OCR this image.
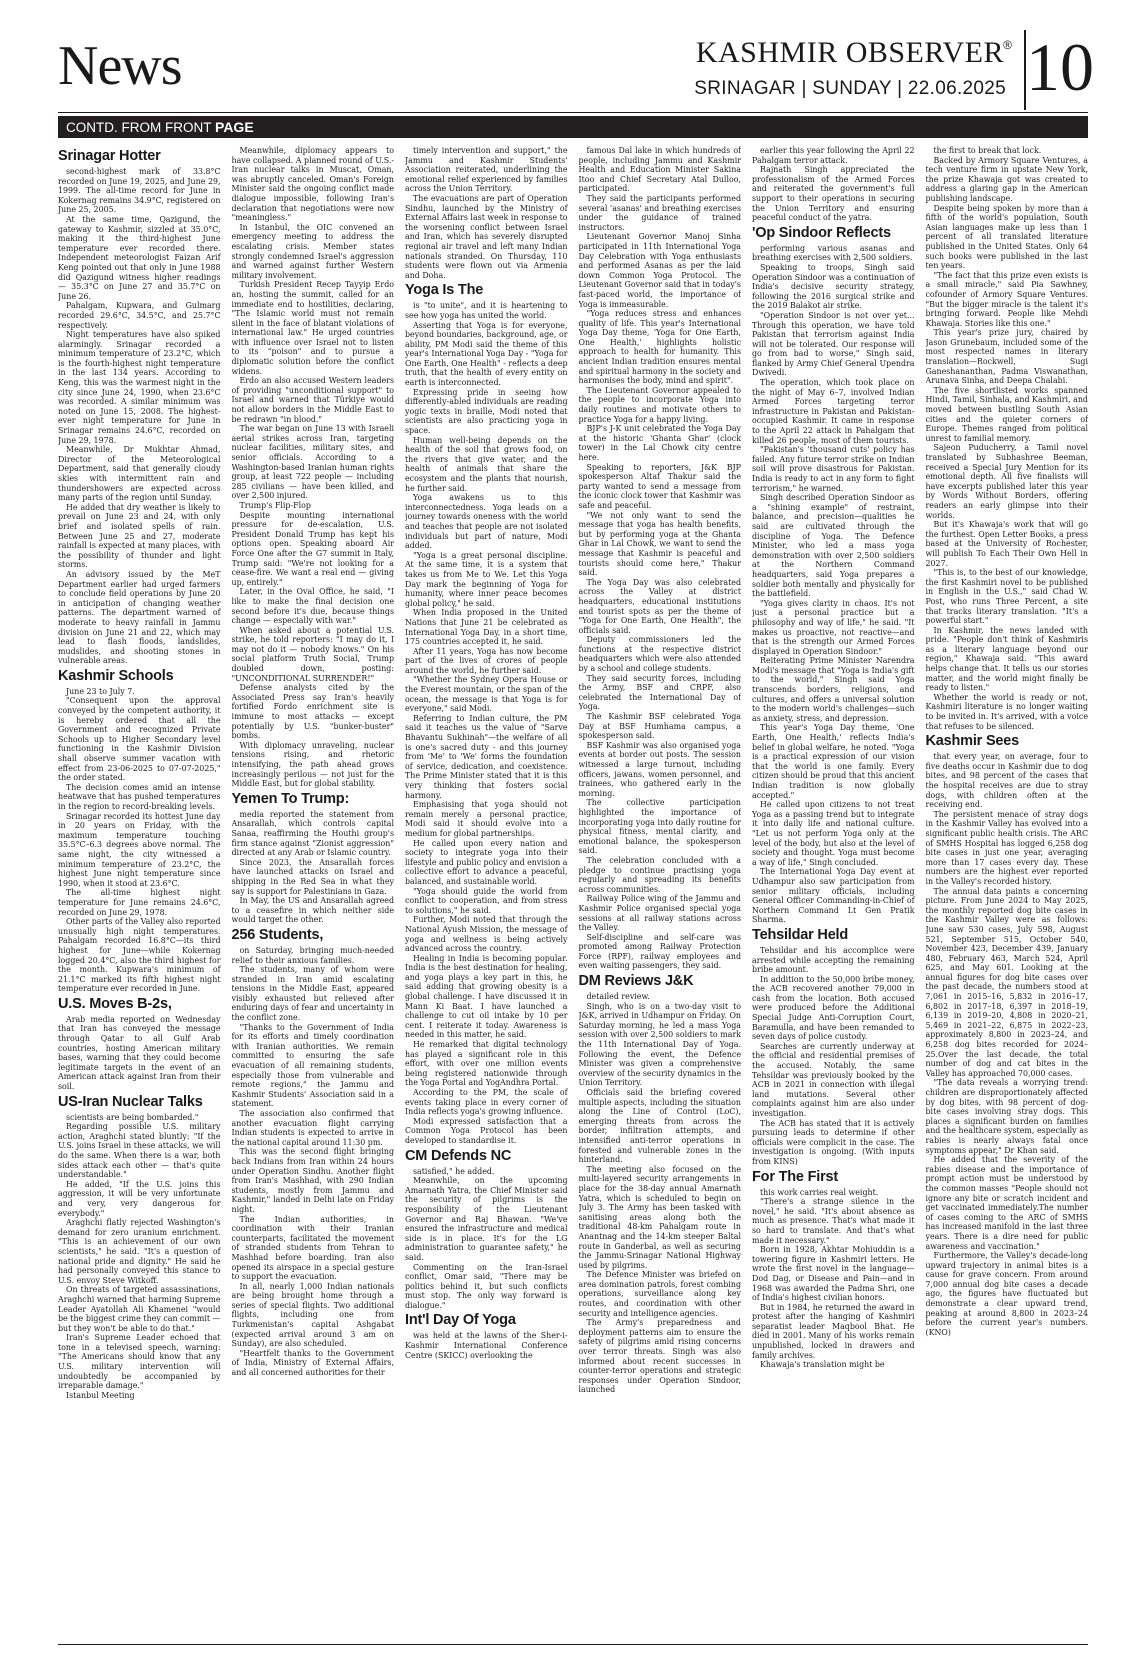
News	KASHMIR OBSERVER ®
SRINAGAR | SUNDAY | 22.06.2025 10
CONTD. FROM FRONT PAGE
Srinagar Hotter

second-highest mark of 33.8°C recorded on June 19, 2025, and June 29, 1999. The all-time record for June in Kokernag remains 34.9°C, registered on June 25, 2005.

At the same time, Qazigund, the gateway to Kashmir, sizzled at 35.0°C, making it the third-highest June temperature ever recorded there. Independent meteorologist Faizan Arif Keng pointed out that only in June 1988 did Qazigund witness higher readings — 35.3°C on June 27 and 35.7°C on June 26.

Pahalgam, Kupwara, and Gulmarg recorded 29.6°C, 34.5°C, and 25.7°C respectively.

Night temperatures have also spiked alarmingly. Srinagar recorded a minimum temperature of 23.2°C, which is the fourth-highest night temperature in the last 134 years. According to Keng, this was the warmest night in the city since June 24, 1990, when 23.6°C was recorded. A similar minimum was noted on June 15, 2008. The highest-ever night temperature for June in Srinagar remains 24.6°C, recorded on June 29, 1978.

Meanwhile, Dr Mukhtar Ahmad, Director of the Meteorological Department, said that generally cloudy skies with intermittent rain and thundershowers are expected across many parts of the region until Sunday.

He added that dry weather is likely to prevail on June 23 and 24, with only brief and isolated spells of rain. Between June 25 and 27, moderate rainfall is expected at many places, with the possibility of thunder and light storms.

An advisory issued by the MeT Department earlier had urged farmers to conclude field operations by June 20 in anticipation of changing weather patterns. The department warned of moderate to heavy rainfall in Jammu division on June 21 and 22, which may lead to flash floods, landslides, mudslides, and shooting stones in vulnerable areas.

Kashmir Schools

June 23 to July 7.

"Consequent upon the approval conveyed by the competent authority, it is hereby ordered that all the Government and recognized Private Schools up to Higher Secondary level functioning in the Kashmir Division shall observe summer vacation with effect from 23-06-2025 to 07-07-2025," the order stated.

The decision comes amid an intense heatwave that has pushed temperatures in the region to record-breaking levels.

Srinagar recorded its hottest June day in 20 years on Friday, with the maximum temperature touching 35.5°C–6.3 degrees above normal. The same night, the city witnessed a minimum temperature of 23.2°C, the highest June night temperature since 1990, when it stood at 23.6°C.

The all-time highest night temperature for June remains 24.6°C, recorded on June 29, 1978.

Other parts of the Valley also reported unusually high night temperatures. Pahalgam recorded 16.8°C—its third highest for June—while Kokernag logged 20.4°C, also the third highest for the month. Kupwara's minimum of 21.1°C marked its fifth highest night temperature ever recorded in June.

U.S. Moves B-2s,

Arab media reported on Wednesday that Iran has conveyed the message through Qatar to all Gulf Arab countries, hosting American military bases, warning that they could become legitimate targets in the event of an American attack against Iran from their soil.

US-Iran Nuclear Talks

scientists are being bombarded."

Regarding possible U.S. military action, Araghchi stated bluntly: "If the U.S. joins Israel in these attacks, we will do the same. When there is a war, both sides attack each other — that's quite understandable."

He added, "If the U.S. joins this aggression, it will be very unfortunate and very, very dangerous for everybody."

Araghchi flatly rejected Washington's demand for zero uranium enrichment. "This is an achievement of our own scientists," he said. "It's a question of national pride and dignity." He said he had personally conveyed this stance to U.S. envoy Steve Witkoff.

On threats of targeted assassinations, Araghchi warned that harming Supreme Leader Ayatollah Ali Khamenei "would be the biggest crime they can commit — but they won't be able to do that."

Iran's Supreme Leader echoed that tone in a televised speech, warning: "The Americans should know that any U.S. military intervention will undoubtedly be accompanied by irreparable damage."

Istanbul Meeting

Meanwhile, diplomacy appears to have collapsed. A planned round of U.S.-Iran nuclear talks in Muscat, Oman, was abruptly canceled. Oman's Foreign Minister said the ongoing conflict made dialogue impossible, following Iran's declaration that negotiations were now "meaningless."

In Istanbul, the OIC convened an emergency meeting to address the escalating crisis. Member states strongly condemned Israel's aggression and warned against further Western military involvement.

Turkish President Recep Tayyip Erdo an, hosting the summit, called for an immediate end to hostilities, declaring, "The Islamic world must not remain silent in the face of blatant violations of international law." He urged countries with influence over Israel not to listen to its "poison" and to pursue a diplomatic solution before the conflict widens.

Erdo an also accused Western leaders of providing "unconditional support" to Israel and warned that Türkiye would not allow borders in the Middle East to be redrawn "in blood."

The war began on June 13 with Israeli aerial strikes across Iran, targeting nuclear facilities, military sites, and senior officials. According to a Washington-based Iranian human rights group, at least 722 people — including 285 civilians — have been killed, and over 2,500 injured.

Trump's Flip-Flop

Despite mounting international pressure for de-escalation, U.S. President Donald Trump has kept his options open. Speaking aboard Air Force One after the G7 summit in Italy, Trump said: "We're not looking for a cease-fire. We want a real end — giving up, entirely."

Later, in the Oval Office, he said, "I like to make the final decision one second before it's due, because things change — especially with war."

When asked about a potential U.S. strike, he told reporters: "I may do it, I may not do it — nobody knows." On his social platform Truth Social, Trump doubled down, posting: "UNCONDITIONAL SURRENDER!"

Defense analysts cited by the Associated Press say Iran's heavily fortified Fordo enrichment site is immune to most attacks — except potentially by U.S. "bunker-buster" bombs.

With diplomacy unraveling, nuclear tensions rising, and rhetoric intensifying, the path ahead grows increasingly perilous — not just for the Middle East, but for global stability.

Yemen To Trump:

media reported the statement from Ansarallah, which controls capital Sanaa, reaffirming the Houthi group's firm stance against "Zionist aggression" directed at any Arab or Islamic country.

Since 2023, the Ansarallah forces have launched attacks on Israel and shipping in the Red Sea in what they say is support for Palestinians in Gaza.

In May, the US and Ansarallah agreed to a ceasefire in which neither side would target the other.

256 Students,

on Saturday, bringing much-needed relief to their anxious families.

The students, many of whom were stranded in Iran amid escalating tensions in the Middle East, appeared visibly exhausted but relieved after enduring days of fear and uncertainty in the conflict zone.

"Thanks to the Government of India for its efforts and timely coordination with Iranian authorities. We remain committed to ensuring the safe evacuation of all remaining students, especially those from vulnerable and remote regions," the Jammu and Kashmir Students' Association said in a statement.

The association also confirmed that another evacuation flight carrying Indian students is expected to arrive in the national capital around 11:30 pm.

This was the second flight bringing back Indians from Iran within 24 hours under Operation Sindhu. Another flight from Iran's Mashhad, with 290 Indian students, mostly from Jammu and Kashmir," landed in Delhi late on Friday night.

The Indian authorities, in coordination with their Iranian counterparts, facilitated the movement of stranded students from Tehran to Mashhad before boarding. Iran also opened its airspace in a special gesture to support the evacuation.

In all, nearly 1,000 Indian nationals are being brought home through a series of special flights. Two additional flights, including one from Turkmenistan's capital Ashgabat (expected arrival around 3 am on Sunday), are also scheduled.

"Heartfelt thanks to the Government of India, Ministry of External Affairs, and all concerned authorities for their

timely intervention and support," the Jammu and Kashmir Students' Association reiterated, underlining the emotional relief experienced by families across the Union Territory.

The evacuations are part of Operation Sindhu, launched by the Ministry of External Affairs last week in response to the worsening conflict between Israel and Iran, which has severely disrupted regional air travel and left many Indian nationals stranded. On Thursday, 110 students were flown out via Armenia and Doha.

Yoga Is The

is "to unite", and it is heartening to see how yoga has united the world.

Asserting that Yoga is for everyone, beyond boundaries, background, age, or ability, PM Modi said the theme of this year's International Yoga Day - "Yoga for One Earth, One Health" - reflects a deep truth, that the health of every entity on earth is interconnected.

Expressing pride in seeing how differently-abled individuals are reading yogic texts in braille, Modi noted that scientists are also practicing yoga in space.

Human well-being depends on the health of the soil that grows food, on the rivers that give water, and the health of animals that share the ecosystem and the plants that nourish, he further said.

Yoga awakens us to this interconnectedness. Yoga leads on a journey towards oneness with the world and teaches that people are not isolated individuals but part of nature, Modi added.

"Yoga is a great personal discipline. At the same time, it is a system that takes us from Me to We. Let this Yoga Day mark the beginning of Yoga for humanity, where inner peace becomes global policy," he said.

When India proposed in the United Nations that June 21 be celebrated as International Yoga Day, in a short time, 175 countries accepted it, he said.

After 11 years, Yoga has now become part of the lives of crores of people around the world, he further said.

"Whether the Sydney Opera House or the Everest mountain, or the span of the ocean, the message is that Yoga is for everyone," said Modi.

Referring to Indian culture, the PM said it teaches us the value of "Sarve Bhavantu Sukhinah"—the welfare of all is one's sacred duty - and this journey from 'Me' to 'We' forms the foundation of service, dedication, and coexistence. The Prime Minister stated that it is this very thinking that fosters social harmony.

Emphasising that yoga should not remain merely a personal practice, Modi said it should evolve into a medium for global partnerships.

He called upon every nation and society to integrate yoga into their lifestyle and public policy and envision a collective effort to advance a peaceful, balanced, and sustainable world.

"Yoga should guide the world from conflict to cooperation, and from stress to solutions," he said.

Further, Modi noted that through the National Ayush Mission, the message of yoga and wellness is being actively advanced across the country.

Healing in India is becoming popular. India is the best destination for healing, and yoga plays a key part in this, he said adding that growing obesity is a global challenge. I have discussed it in Mann Ki Baat. I have launched a challenge to cut oil intake by 10 per cent. I reiterate it today. Awareness is needed in this matter, he said.

He remarked that digital technology has played a significant role in this effort, with over one million events being registered nationwide through the Yoga Portal and YogAndhra Portal.

According to the PM, the scale of events taking place in every corner of India reflects yoga's growing influence.

Modi expressed satisfaction that a Common Yoga Protocol has been developed to standardise it.

CM Defends NC

satisfied," he added.

Meanwhile, on the upcoming Amarnath Yatra, the Chief Minister said the security of pilgrims is the responsibility of the Lieutenant Governor and Raj Bhawan. "We've ensured the infrastructure and medical side is in place. It's for the LG administration to guarantee safety," he said.

Commenting on the Iran-Israel conflict, Omar said, "There may be politics behind it, but such conflicts must stop. The only way forward is dialogue."

Int'l Day Of Yoga

was held at the lawns of the Sher-i-Kashmir International Conference Centre (SKICC) overlooking the

famous Dal lake in which hundreds of people, including Jammu and Kashmir Health and Education Minister Sakina Itoo and Chief Secretary Atal Dulloo, participated.

They said the participants performed several 'asanas' and breathing exercises under the guidance of trained instructors.

Lieutenant Governor Manoj Sinha participated in 11th International Yoga Day Celebration with Yoga enthusiasts and performed Asanas as per the laid down Common Yoga Protocol. The Lieutenant Governor said that in today's fast-paced world, the importance of Yoga is immeasurable.

"Yoga reduces stress and enhances quality of life. This year's International Yoga Day theme, 'Yoga for One Earth, One Health,' highlights holistic approach to health for humanity. This ancient Indian tradition ensures mental and spiritual harmony in the society and harmonises the body, mind and spirit".

The Lieutenant Governor appealed to the people to incorporate Yoga into daily routines and motivate others to practice Yoga for a happy living.

BJP's J-K unit celebrated the Yoga Day at the historic 'Ghanta Ghar' (clock tower) in the Lal Chowk city centre here.

Speaking to reporters, J&K BJP spokesperson Altaf Thakur said the party wanted to send a message from the iconic clock tower that Kashmir was safe and peaceful.

"We not only want to send the message that yoga has health benefits, but by performing yoga at the Ghanta Ghar in Lal Chowk, we want to send the message that Kashmir is peaceful and tourists should come here," Thakur said.

The Yoga Day was also celebrated across the Valley at district headquarters, educational institutions and tourist spots as per the theme of "Yoga for One Earth, One Health", the officials said.

Deputy commissioners led the functions at the respective district headquarters which were also attended by a school and college students.

They said security forces, including the Army, BSF and CRPF, also celebrated the International Day of Yoga.

The Kashmir BSF celebrated Yoga Day at BSF Humhama campus, a spokesperson said.

BSF Kashmir was also organised yoga events at border out posts. The session witnessed a large turnout, including officers, jawans, women personnel, and trainees, who gathered early in the morning.

The collective participation highlighted the importance of incorporating yoga into daily routine for physical fitness, mental clarity, and emotional balance, the spokesperson said.

The celebration concluded with a pledge to continue practising yoga regularly and spreading its benefits across communities.

Railway Police wing of the Jammu and Kashmir Police organised special yoga sessions at all railway stations across the Valley.

Self-discipline and self-care was promoted among Railway Protection Force (RPF), railway employees and even waiting passengers, they said.

DM Reviews J&K

detailed review.

Singh, who is on a two-day visit to J&K, arrived in Udhampur on Friday. On Saturday morning, he led a mass Yoga session with over 2,500 soldiers to mark the 11th International Day of Yoga. Following the event, the Defence Minister was given a comprehensive overview of the security dynamics in the Union Territory.

Officials said the briefing covered multiple aspects, including the situation along the Line of Control (LoC), emerging threats from across the border, infiltration attempts, and intensified anti-terror operations in forested and vulnerable zones in the hinterland.

The meeting also focused on the multi-layered security arrangements in place for the 38-day annual Amarnath Yatra, which is scheduled to begin on July 3. The Army has been tasked with sanitising areas along both the traditional 48-km Pahalgam route in Anantnag and the 14-km steeper Baltal route in Ganderbal, as well as securing the Jammu-Srinagar National Highway used by pilgrims.

The Defence Minister was briefed on area domination patrols, forest combing operations, surveillance along key routes, and coordination with other security and intelligence agencies.

The Army's preparedness and deployment patterns aim to ensure the safety of pilgrims amid rising concerns over terror threats. Singh was also informed about recent successes in counter-terror operations and strategic responses under Operation Sindoor, launched

earlier this year following the April 22 Pahalgam terror attack.

Rajnath Singh appreciated the professionalism of the Armed Forces and reiterated the government's full support to their operations in securing the Union Territory and ensuring peaceful conduct of the yatra.

'Op Sindoor Reflects

performing various asanas and breathing exercises with 2,500 soldiers.

Speaking to troops, Singh said Operation Sindoor was a continuation of India's decisive security strategy, following the 2016 surgical strike and the 2019 Balakot air strike.

"Operation Sindoor is not over yet... Through this operation, we have told Pakistan that terrorism against India will not be tolerated. Our response will go from bad to worse," Singh said, flanked by Army Chief General Upendra Dwivedi.

The operation, which took place on the night of May 6–7, involved Indian Armed Forces targeting terror infrastructure in Pakistan and Pakistan-occupied Kashmir. It came in response to the April 22 attack in Pahalgam that killed 26 people, most of them tourists.

"Pakistan's 'thousand cuts' policy has failed. Any future terror strike on Indian soil will prove disastrous for Pakistan. India is ready to act in any form to fight terrorism," he warned.

Singh described Operation Sindoor as a "shining example" of restraint, balance, and precision—qualities he said are cultivated through the discipline of Yoga. The Defence Minister, who led a mass yoga demonstration with over 2,500 soldiers at the Northern Command headquarters, said Yoga prepares a soldier both mentally and physically for the battlefield.

"Yoga gives clarity in chaos. It's not just a personal practice but a philosophy and way of life," he said. "It makes us proactive, not reactive—and that is the strength our Armed Forces displayed in Operation Sindoor."

Reiterating Prime Minister Narendra Modi's message that "Yoga is India's gift to the world," Singh said Yoga transcends borders, religions, and cultures, and offers a universal solution to the modern world's challenges—such as anxiety, stress, and depression.

This year's Yoga Day theme, 'One Earth, One Health,' reflects India's belief in global welfare, he noted. "Yoga is a practical expression of our vision that the world is one family. Every citizen should be proud that this ancient Indian tradition is now globally accepted."

He called upon citizens to not treat Yoga as a passing trend but to integrate it into daily life and national culture. "Let us not perform Yoga only at the level of the body, but also at the level of society and thought. Yoga must become a way of life," Singh concluded.

The International Yoga Day event at Udhampur also saw participation from senior military officials, including General Officer Commanding-in-Chief of Northern Command Lt Gen Pratik Sharma.

Tehsildar Held

Tehsildar and his accomplice were arrested while accepting the remaining bribe amount.

In addition to the 50,000 bribe money, the ACB recovered another 79,000 in cash from the location. Both accused were produced before the Additional Special Judge Anti-Corruption Court, Baramulla, and have been remanded to seven days of police custody.

Searches are currently underway at the official and residential premises of the accused. Notably, the same Tehsildar was previously booked by the ACB in 2021 in connection with illegal land mutations. Several other complaints against him are also under investigation.

The ACB has stated that it is actively pursuing leads to determine if other officials were complicit in the case. The investigation is ongoing. (With inputs from KINS)

For The First

this work carries real weight.

"There's a strange silence in the novel," he said. "It's about absence as much as presence. That's what made it so hard to translate. And that's what made it necessary."

Born in 1928, Akhtar Mohiuddin is a towering figure in Kashmiri letters. He wrote the first novel in the language—Dod Dag, or Disease and Pain—and in 1968 was awarded the Padma Shri, one of India's highest civilian honors.

But in 1984, he returned the award in protest after the hanging of Kashmiri separatist leader Maqbool Bhat. He died in 2001. Many of his works remain unpublished, locked in drawers and family archives.

Khawaja's translation might be

the first to break that lock.

Backed by Armory Square Ventures, a tech venture firm in upstate New York, the prize Khawaja got was created to address a glaring gap in the American publishing landscape.

Despite being spoken by more than a fifth of the world's population, South Asian languages make up less than 1 percent of all translated literature published in the United States. Only 64 such books were published in the last ten years.

"The fact that this prize even exists is a small miracle," said Pia Sawhney, cofounder of Armory Square Ventures. "But the bigger miracle is the talent it's bringing forward. People like Mehdi Khawaja. Stories like this one."

This year's prize jury, chaired by Jason Grunebaum, included some of the most respected names in literary translation—Rockwell, Sugi Ganeshananthan, Padma Viswanathan, Arunava Sinha, and Deepa Chalabi.

The five shortlisted works spanned Hindi, Tamil, Sinhala, and Kashmiri, and moved between bustling South Asian cities and the quieter corners of Europe. Themes ranged from political unrest to familial memory.

Sajeon Puducherry, a Tamil novel translated by Subhashree Beeman, received a Special Jury Mention for its emotional depth. All five finalists will have excerpts published later this year by Words Without Borders, offering readers an early glimpse into their worlds.

But it's Khawaja's work that will go the furthest. Open Letter Books, a press based at the University of Rochester, will publish To Each Their Own Hell in 2027.

"This is, to the best of our knowledge, the first Kashmiri novel to be published in English in the U.S.," said Chad W. Post, who runs Three Percent, a site that tracks literary translation. "It's a powerful start."

In Kashmir, the news landed with pride. "People don't think of Kashmiris as a literary language beyond our region," Khawaja said. "This award helps change that. It tells us our stories matter, and the world might finally be ready to listen."

Whether the world is ready or not, Kashmiri literature is no longer waiting to be invited in. It's arrived, with a voice that refuses to be silenced.

Kashmir Sees

that every year, on average, four to five deaths occur in Kashmir due to dog bites, and 98 percent of the cases that the hospital receives are due to stray dogs, with children often at the receiving end.

The persistent menace of stray dogs in the Kashmir Valley has evolved into a significant public health crisis. The ARC of SMHS Hospital has logged 6,258 dog bite cases in just one year, averaging more than 17 cases every day. These numbers are the highest ever reported in the Valley's recorded history.

The annual data paints a concerning picture. From June 2024 to May 2025, the monthly reported dog bite cases in the Kashmir Valley were as follows: June saw 530 cases, July 598, August 521, September 515, October 540, November 423, December 439, January 480, February 463, March 524, April 625, and May 601. Looking at the annual figures for dog bite cases over the past decade, the numbers stood at 7,061 in 2015–16, 5,832 in 2016–17, 6,802 in 2017–18, 6,397 in 2018–19, 6,139 in 2019–20, 4,808 in 2020–21, 5,469 in 2021–22, 6,875 in 2022–23, approximately 8,800 in 2023–24, and 6,258 dog bites recorded for 2024–25.Over the last decade, the total number of dog and cat bites in the Valley has approached 70,000 cases.

"The data reveals a worrying trend: children are disproportionately affected by dog bites, with 98 percent of dog-bite cases involving stray dogs. This places a significant burden on families and the healthcare system, especially as rabies is nearly always fatal once symptoms appear," Dr Khan said.

He added that the severity of the rabies disease and the importance of prompt action must be understood by the common masses "People should not ignore any bite or scratch incident and get vaccinated immediately.The number of cases coming to the ARC of SMHS has increased manifold in the last three years. There is a dire need for public awareness and vaccination."

Furthermore, the Valley's decade-long upward trajectory in animal bites is a cause for grave concern. From around 7,000 annual dog bite cases a decade ago, the figures have fluctuated but demonstrate a clear upward trend, peaking at around 8,800 in 2023–24 before the current year's numbers. (KNO)
